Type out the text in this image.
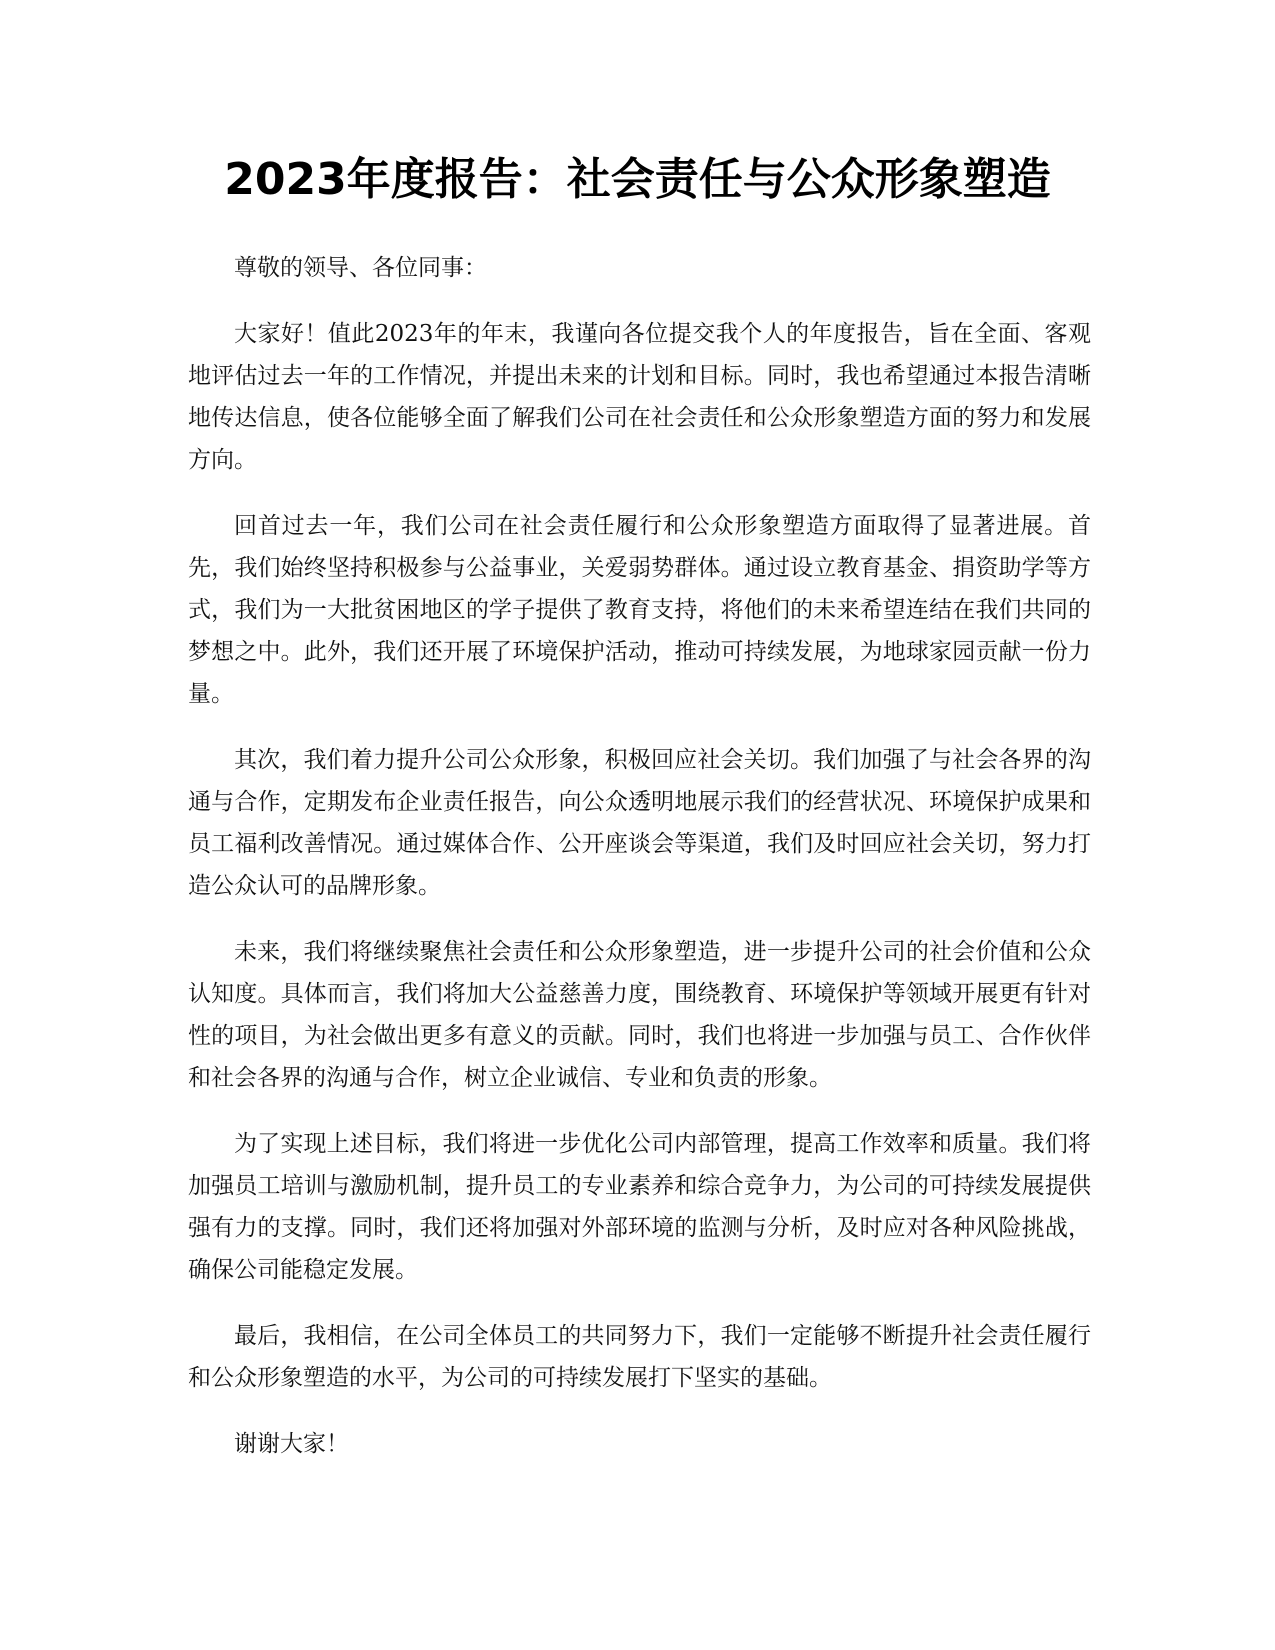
2023年度报告：社会责任与公众形象塑造

尊敬的领导、各位同事：

大家好！值此2023年的年末，我谨向各位提交我个人的年度报告，旨在全面、客观地评估过去一年的工作情况，并提出未来的计划和目标。同时，我也希望通过本报告清晰地传达信息，使各位能够全面了解我们公司在社会责任和公众形象塑造方面的努力和发展方向。

回首过去一年，我们公司在社会责任履行和公众形象塑造方面取得了显著进展。首先，我们始终坚持积极参与公益事业，关爱弱势群体。通过设立教育基金、捐资助学等方式，我们为一大批贫困地区的学子提供了教育支持，将他们的未来希望连结在我们共同的梦想之中。此外，我们还开展了环境保护活动，推动可持续发展，为地球家园贡献一份力量。

其次，我们着力提升公司公众形象，积极回应社会关切。我们加强了与社会各界的沟通与合作，定期发布企业责任报告，向公众透明地展示我们的经营状况、环境保护成果和员工福利改善情况。通过媒体合作、公开座谈会等渠道，我们及时回应社会关切，努力打造公众认可的品牌形象。

未来，我们将继续聚焦社会责任和公众形象塑造，进一步提升公司的社会价值和公众认知度。具体而言，我们将加大公益慈善力度，围绕教育、环境保护等领域开展更有针对性的项目，为社会做出更多有意义的贡献。同时，我们也将进一步加强与员工、合作伙伴和社会各界的沟通与合作，树立企业诚信、专业和负责的形象。

为了实现上述目标，我们将进一步优化公司内部管理，提高工作效率和质量。我们将加强员工培训与激励机制，提升员工的专业素养和综合竞争力，为公司的可持续发展提供强有力的支撑。同时，我们还将加强对外部环境的监测与分析，及时应对各种风险挑战，确保公司能稳定发展。

最后，我相信，在公司全体员工的共同努力下，我们一定能够不断提升社会责任履行和公众形象塑造的水平，为公司的可持续发展打下坚实的基础。

谢谢大家！
